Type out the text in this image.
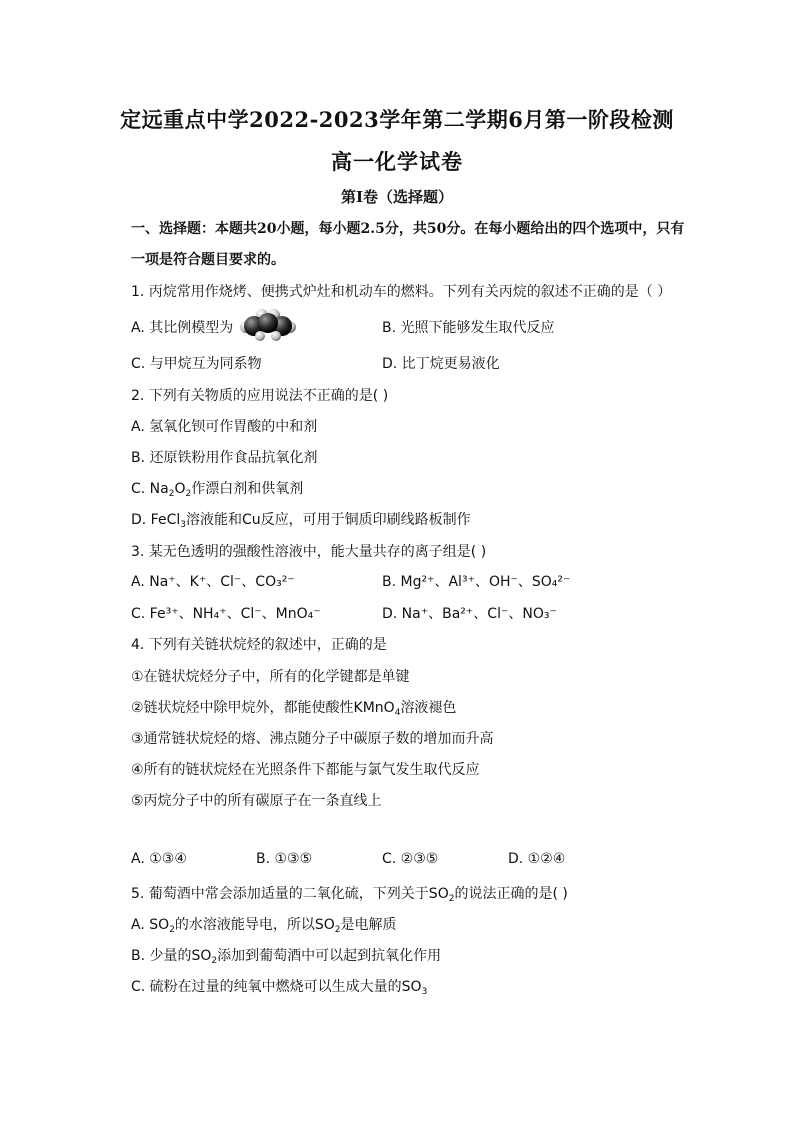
定远重点中学2022-2023学年第二学期6月第一阶段检测
高一化学试卷
第I卷（选择题）
一、选择题：本题共20小题，每小题2.5分，共50分。在每小题给出的四个选项中，只有
一项是符合题目要求的。
1. 丙烷常用作烧烤、便携式炉灶和机动车的燃料。下列有关丙烷的叙述不正确的是（ ）
A. 其比例模型为	B. 光照下能够发生取代反应
C. 与甲烷互为同系物	D. 比丁烷更易液化
2. 下列有关物质的应用说法不正确的是( )
A. 氢氧化钡可作胃酸的中和剂
B. 还原铁粉用作食品抗氧化剂
C. $Na_2O_2$作漂白剂和供氧剂
D. FeCl$_3$溶液能和Cu反应，可用于铜质印刷线路板制作
3. 某无色透明的强酸性溶液中，能大量共存的离子组是( )
A. Na⁺、K⁺、Cl⁻、CO₃²⁻	B. Mg²⁺、Al³⁺、OH⁻、SO₄²⁻
C. Fe³⁺、NH₄⁺、Cl⁻、MnO₄⁻	D. Na⁺、Ba²⁺、Cl⁻、NO₃⁻
4. 下列有关链状烷烃的叙述中，正确的是
①在链状烷烃分子中，所有的化学键都是单键
②链状烷烃中除甲烷外，都能使酸性KMnO$_4$溶液褪色
③通常链状烷烃的熔、沸点随分子中碳原子数的增加而升高
④所有的链状烷烃在光照条件下都能与氯气发生取代反应
⑤丙烷分子中的所有碳原子在一条直线上
A. ①③④	B. ①③⑤	C. ②③⑤	D. ①②④
5. 葡萄酒中常会添加适量的二氧化硫，下列关于$SO_2$的说法正确的是( )
A. $SO_2$的水溶液能导电，所以$SO_2$是电解质
B. 少量的$SO_2$添加到葡萄酒中可以起到抗氧化作用
C. 硫粉在过量的纯氧中燃烧可以生成大量的$SO_3$
